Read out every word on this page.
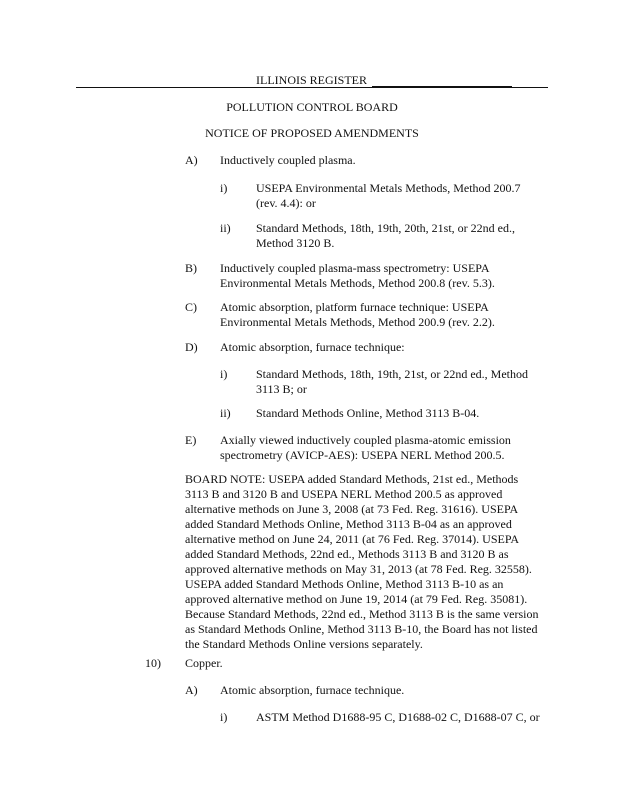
ILLINOIS REGISTER
POLLUTION CONTROL BOARD
NOTICE OF PROPOSED AMENDMENTS
A) Inductively coupled plasma.
i) USEPA Environmental Metals Methods, Method 200.7
(rev. 4.4): or
ii) Standard Methods, 18th, 19th, 20th, 21st, or 22nd ed.,
Method 3120 B.
B) Inductively coupled plasma-mass spectrometry: USEPA
Environmental Metals Methods, Method 200.8 (rev. 5.3).
C) Atomic absorption, platform furnace technique: USEPA
Environmental Metals Methods, Method 200.9 (rev. 2.2).
D) Atomic absorption, furnace technique:
i) Standard Methods, 18th, 19th, 21st, or 22nd ed., Method
3113 B; or
ii) Standard Methods Online, Method 3113 B-04.
E) Axially viewed inductively coupled plasma-atomic emission
spectrometry (AVICP-AES): USEPA NERL Method 200.5.
BOARD NOTE: USEPA added Standard Methods, 21st ed., Methods
3113 B and 3120 B and USEPA NERL Method 200.5 as approved
alternative methods on June 3, 2008 (at 73 Fed. Reg. 31616). USEPA
added Standard Methods Online, Method 3113 B-04 as an approved
alternative method on June 24, 2011 (at 76 Fed. Reg. 37014). USEPA
added Standard Methods, 22nd ed., Methods 3113 B and 3120 B as
approved alternative methods on May 31, 2013 (at 78 Fed. Reg. 32558).
USEPA added Standard Methods Online, Method 3113 B-10 as an
approved alternative method on June 19, 2014 (at 79 Fed. Reg. 35081).
Because Standard Methods, 22nd ed., Method 3113 B is the same version
as Standard Methods Online, Method 3113 B-10, the Board has not listed
the Standard Methods Online versions separately.
10) Copper.
A) Atomic absorption, furnace technique.
i) ASTM Method D1688-95 C, D1688-02 C, D1688-07 C, or
